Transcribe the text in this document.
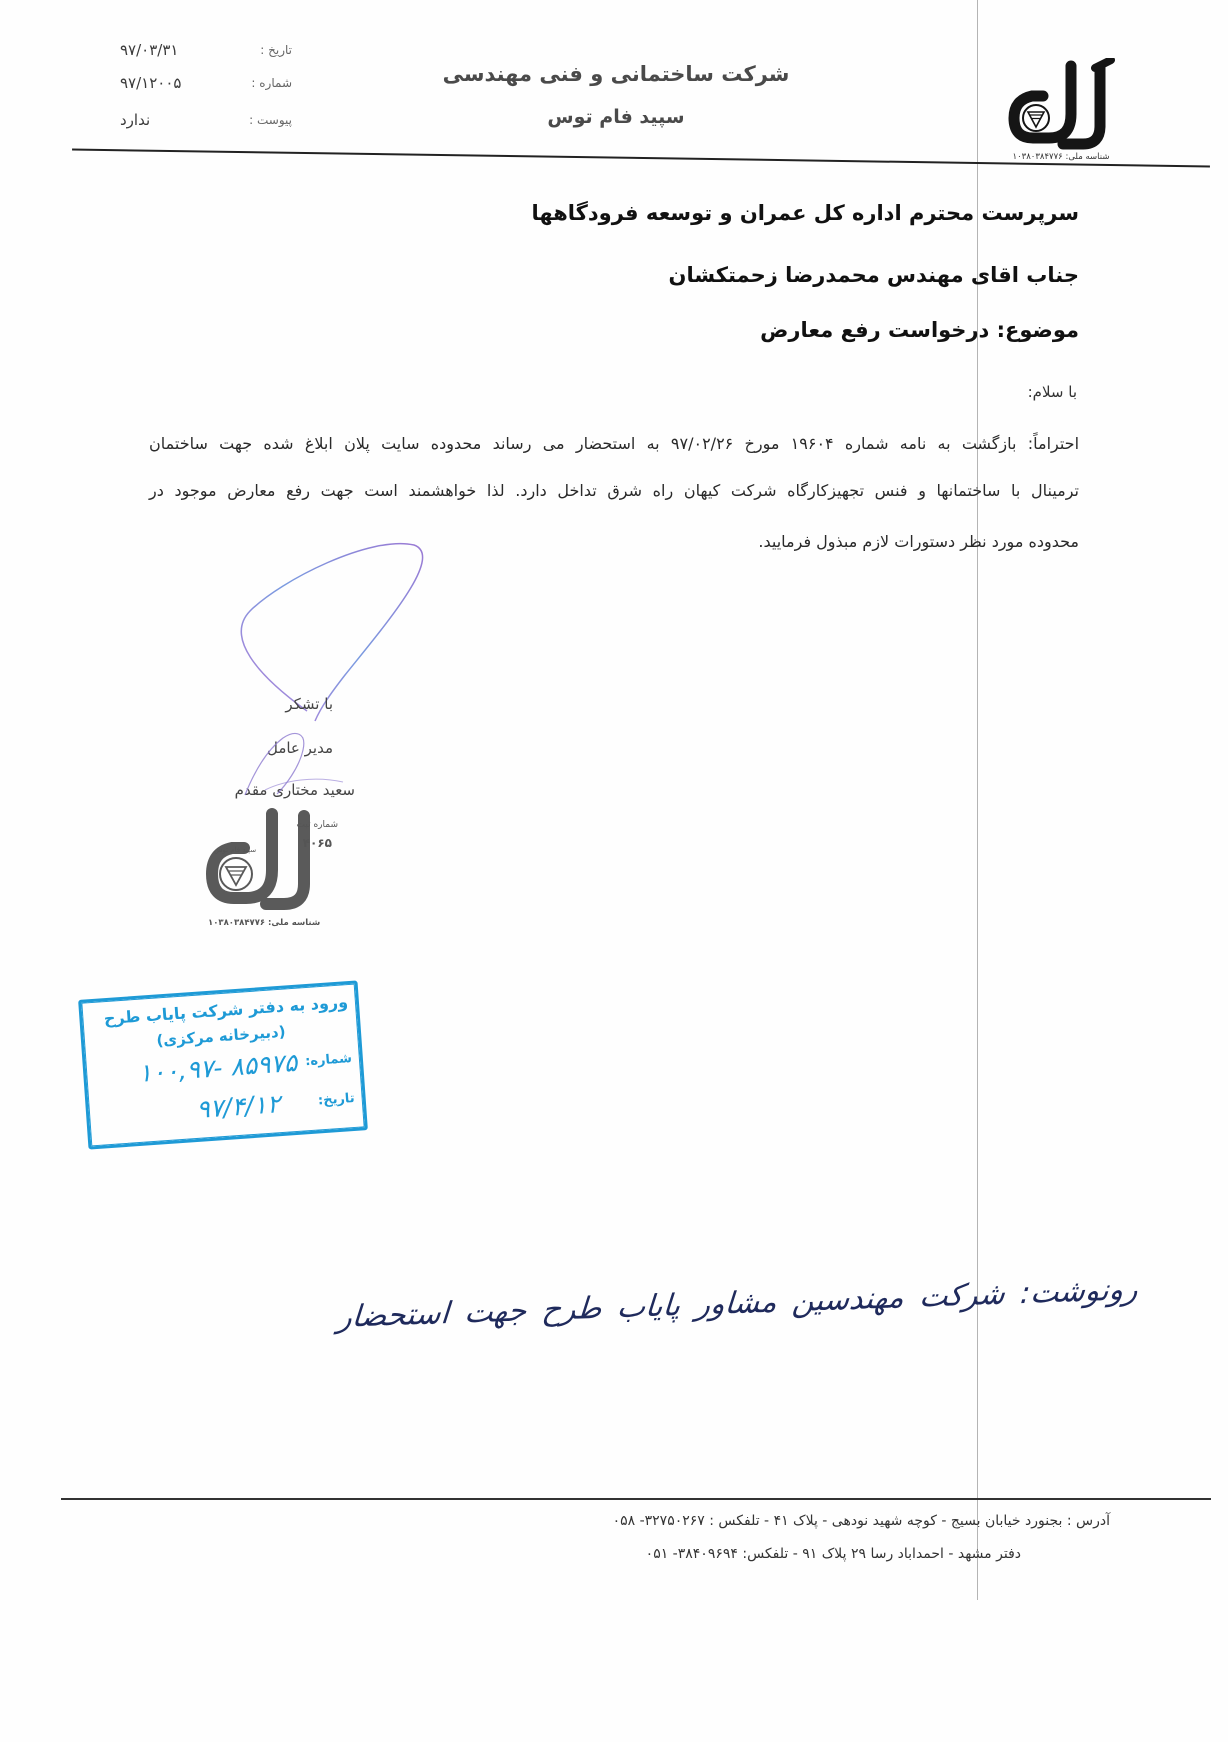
تاریخ :
۹۷/۰۳/۳۱
شماره :
۹۷/۱۲۰۰۵
پیوست :
ندارد
شرکت ساختمانی و فنی مهندسی
سپید فام توس
شناسه ملی: ۱۰۳۸۰۳۸۴۷۷۶
سرپرست محترم اداره کل عمران و توسعه فرودگاهها
جناب اقای مهندس محمدرضا زحمتکشان
موضوع: درخواست رفع معارض
با سلام:
احتراماً: بازگشت به نامه شماره ۱۹۶۰۴ مورخ ۹۷/۰۲/۲۶ به استحضار می رساند محدوده سایت پلان ابلاغ شده جهت ساختمان
ترمینال با ساختمانها و فنس تجهیزکارگاه شرکت کیهان راه شرق تداخل دارد. لذا خواهشمند است جهت رفع معارض موجود در
محدوده مورد نظر دستورات لازم مبذول فرمایید.
با تشکر
مدیر عامل
سعید مختاری مقدم
شماره ثبت
۴۰۶۵
سپید فام توس
شناسه ملی: ۱۰۳۸۰۳۸۴۷۷۶
ورود به دفتر شرکت پایاب طرح
(دبیرخانه مرکزی)
شماره:
۱۰۰,۹۷- ۸۵۹۷۵
تاریخ:
۹۷/۴/۱۲
رونوشت: شرکت مهندسین مشاور پایاب طرح جهت استحضار
آدرس : بجنورد خیابان بسیج - کوچه شهید نودهی - پلاک ۴۱ - تلفکس : ۳۲۷۵۰۲۶۷- ۰۵۸
دفتر مشهد - احمداباد رسا ۲۹ پلاک ۹۱ - تلفکس: ۳۸۴۰۹۶۹۴- ۰۵۱
